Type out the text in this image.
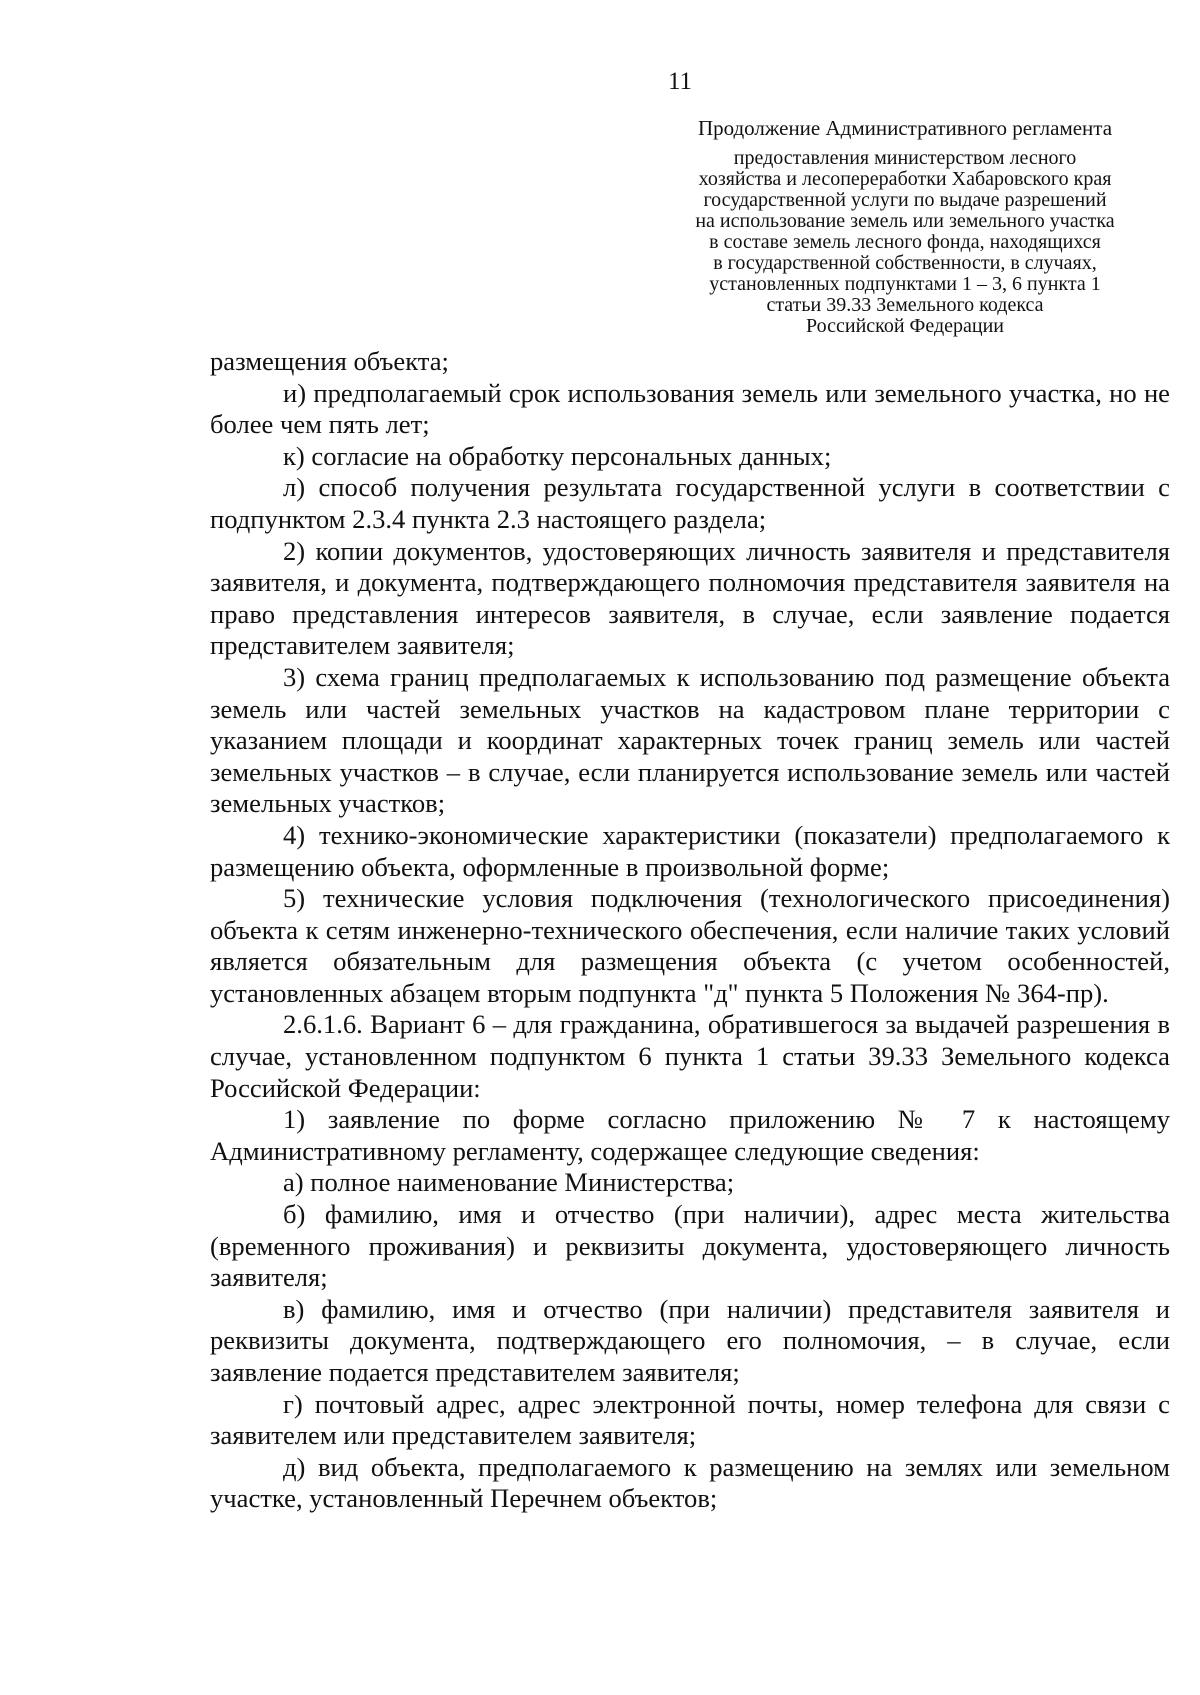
11
Продолжение Административного регламента
предоставления министерством лесного
хозяйства и лесопереработки Хабаровского края
государственной услуги по выдаче разрешений
на использование земель или земельного участка
в составе земель лесного фонда, находящихся
в государственной собственности, в случаях,
установленных подпунктами 1 – 3, 6 пункта 1
статьи 39.33 Земельного кодекса
Российской Федерации

размещения объекта;

и) предполагаемый срок использования земель или земельного участка, но не более чем пять лет;

к) согласие на обработку персональных данных;

л) способ получения результата государственной услуги в соответствии с подпунктом 2.3.4 пункта 2.3 настоящего раздела;

2) копии документов, удостоверяющих личность заявителя и представителя заявителя, и документа, подтверждающего полномочия представителя заявителя на право представления интересов заявителя, в случае, если заявление подается представителем заявителя;

3) схема границ предполагаемых к использованию под размещение объекта земель или частей земельных участков на кадастровом плане территории с указанием площади и координат характерных точек границ земель или частей земельных участков – в случае, если планируется использование земель или частей земельных участков;

4) технико-экономические характеристики (показатели) предполагаемого к размещению объекта, оформленные в произвольной форме;

5) технические условия подключения (технологического присоединения) объекта к сетям инженерно-технического обеспечения, если наличие таких условий является обязательным для размещения объекта (с учетом особенностей, установленных абзацем вторым подпункта "д" пункта 5 Положения № 364-пр).

2.6.1.6. Вариант 6 – для гражданина, обратившегося за выдачей разрешения в случае, установленном подпунктом 6 пункта 1 статьи 39.33 Земельного кодекса Российской Федерации:

1) заявление по форме согласно приложению № 7 к настоящему Административному регламенту, содержащее следующие сведения:

а) полное наименование Министерства;

б) фамилию, имя и отчество (при наличии), адрес места жительства (временного проживания) и реквизиты документа, удостоверяющего личность заявителя;

в) фамилию, имя и отчество (при наличии) представителя заявителя и реквизиты документа, подтверждающего его полномочия, – в случае, если заявление подается представителем заявителя;

г) почтовый адрес, адрес электронной почты, номер телефона для связи с заявителем или представителем заявителя;

д) вид объекта, предполагаемого к размещению на землях или земельном участке, установленный Перечнем объектов;
